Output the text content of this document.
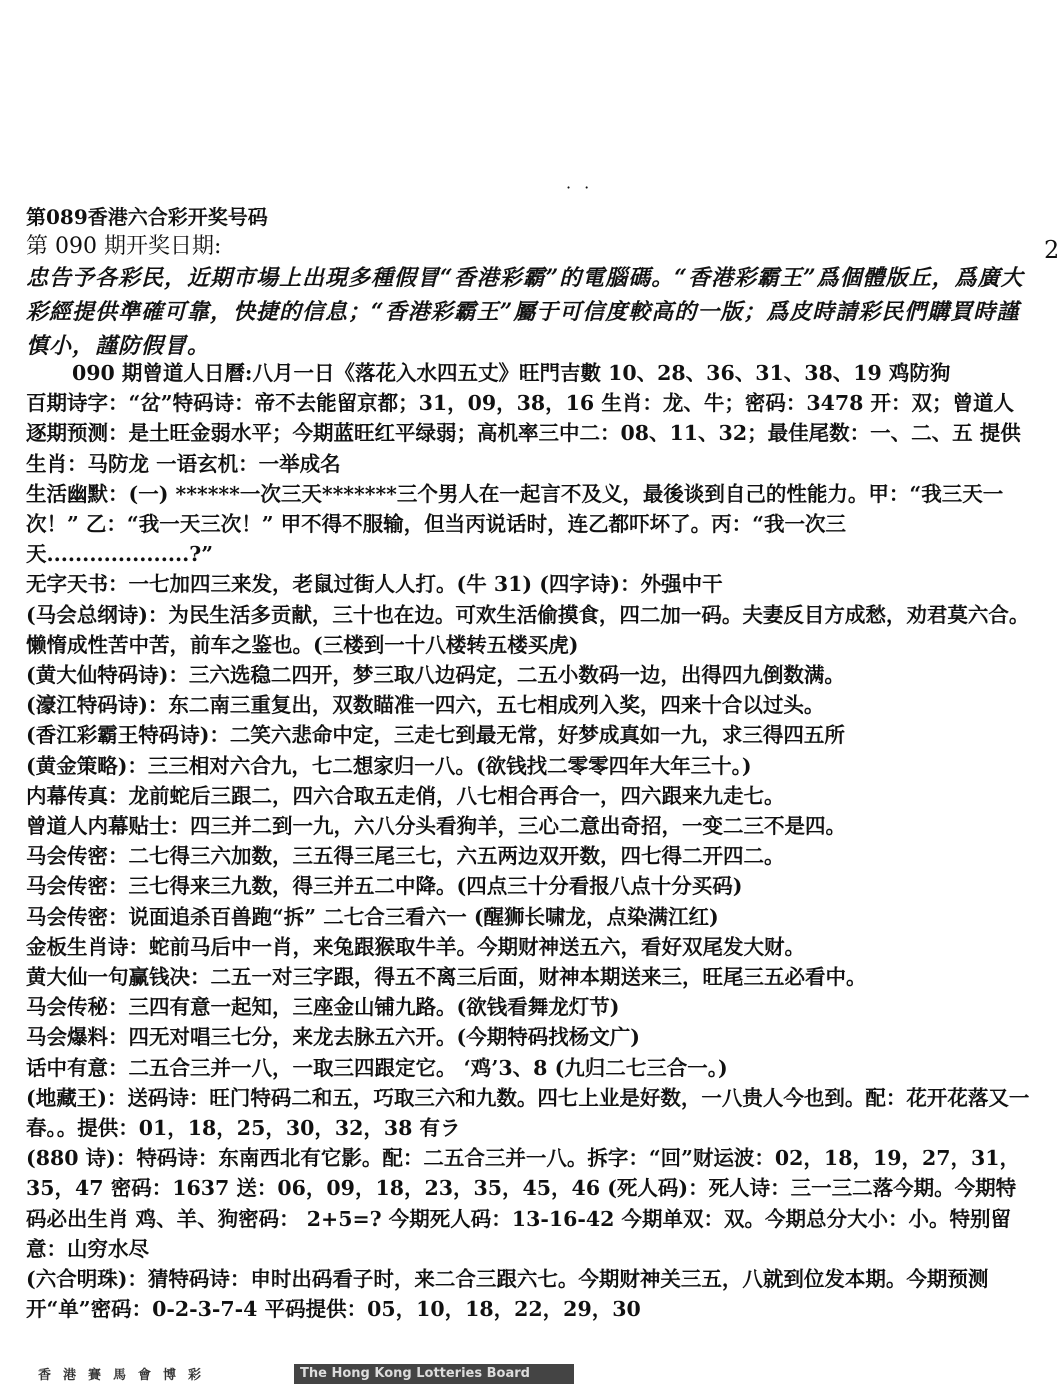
· ·
2
第089香港六合彩开奖号码
第 090 期开奖日期:
忠告予各彩民，近期市場上出現多種假冒“香港彩霸”的電腦碼。“香港彩霸王”爲個體版丘，爲廣大彩經提供準確可靠，快捷的信息；“香港彩霸王”屬于可信度較高的一版；爲皮時請彩民們購買時謹慎小，謹防假冒。

090 期曾道人日曆:八月一日《落花入水四五丈》旺門吉數 10、28、36、31、38、19 鸡防狗

百期诗字：“岔”特码诗：帝不去能留京都；31，09，38，16 生肖：龙、牛；密码：3478 开：双；曾道人逐期预测：是土旺金弱水平；今期蓝旺红平绿弱；高机率三中二：08、11、32；最佳尾数：一、二、五 提供生肖：马防龙 一语玄机：一举成名

生活幽默：(一) ******一次三天*******三个男人在一起言不及义，最後谈到自己的性能力。甲：“我三天一次！” 乙：“我一天三次！” 甲不得不服输，但当丙说话时，连乙都吓坏了。丙：“我一次三天....................?”

无字天书：一七加四三来发，老鼠过街人人打。(牛 31) (四字诗)：外强中干

(马会总纲诗)：为民生活多贡献，三十也在边。可欢生活偷摸食，四二加一码。夫妻反目方成愁，劝君莫六合。懒惰成性苦中苦，前车之鉴也。(三楼到一十八楼转五楼买虎)

(黄大仙特码诗)：三六选稳二四开，梦三取八边码定，二五小数码一边，出得四九倒数满。

(濠江特码诗)：东二南三重复出，双数瞄准一四六，五七相成列入奖，四来十合以过头。

(香江彩霸王特码诗)：二笑六悲命中定，三走七到最无常，好梦成真如一九，求三得四五所

(黄金策略)：三三相对六合九，七二想家归一八。(欲钱找二零零四年大年三十。)

内幕传真：龙前蛇后三跟二，四六合取五走俏，八七相合再合一，四六跟来九走七。

曾道人内幕贴士：四三并二到一九，六八分头看狗羊，三心二意出奇招，一变二三不是四。

马会传密：二七得三六加数，三五得三尾三七，六五两边双开数，四七得二开四二。

马会传密：三七得来三九数，得三并五二中降。(四点三十分看报八点十分买码)

马会传密：说面追杀百兽跑“拆” 二七合三看六一 (醒狮长啸龙，点染满江红)

金板生肖诗：蛇前马后中一肖，来兔跟猴取牛羊。今期财神送五六，看好双尾发大财。

黄大仙一句赢钱决：二五一对三字跟，得五不离三后面，财神本期送来三，旺尾三五必看中。

马会传秘：三四有意一起知，三座金山铺九路。(欲钱看舞龙灯节)

马会爆料：四无对唱三七分，来龙去脉五六开。(今期特码找杨文广)

话中有意：二五合三并一八，一取三四跟定它。 ‘鸡’3、8 (九归二七三合一。)

(地藏王)：送码诗：旺门特码二和五，巧取三六和九数。四七上业是好数，一八贵人今也到。配：花开花落又一春。。提供：01，18，25，30，32，38 有ラ

(880 诗)：特码诗：东南西北有它影。配：二五合三并一八。拆字：“回”财运波：02，18，19，27，31，35，47 密码：1637 送：06，09，18，23，35，45，46 (死人码)：死人诗：三一三二落今期。今期特码必出生肖 鸡、羊、狗密码： 2+5=? 今期死人码：13-16-42 今期单双：双。今期总分大小：小。特别留意：山穷水尽

(六合明珠)：猜特码诗：申时出码看子时，来二合三跟六七。今期财神关三五，八就到位发本期。今期预测开“单”密码：0-2-3-7-4 平码提供：05，10，18，22，29，30

香港賽馬會博彩	The Hong Kong Lotteries Board
